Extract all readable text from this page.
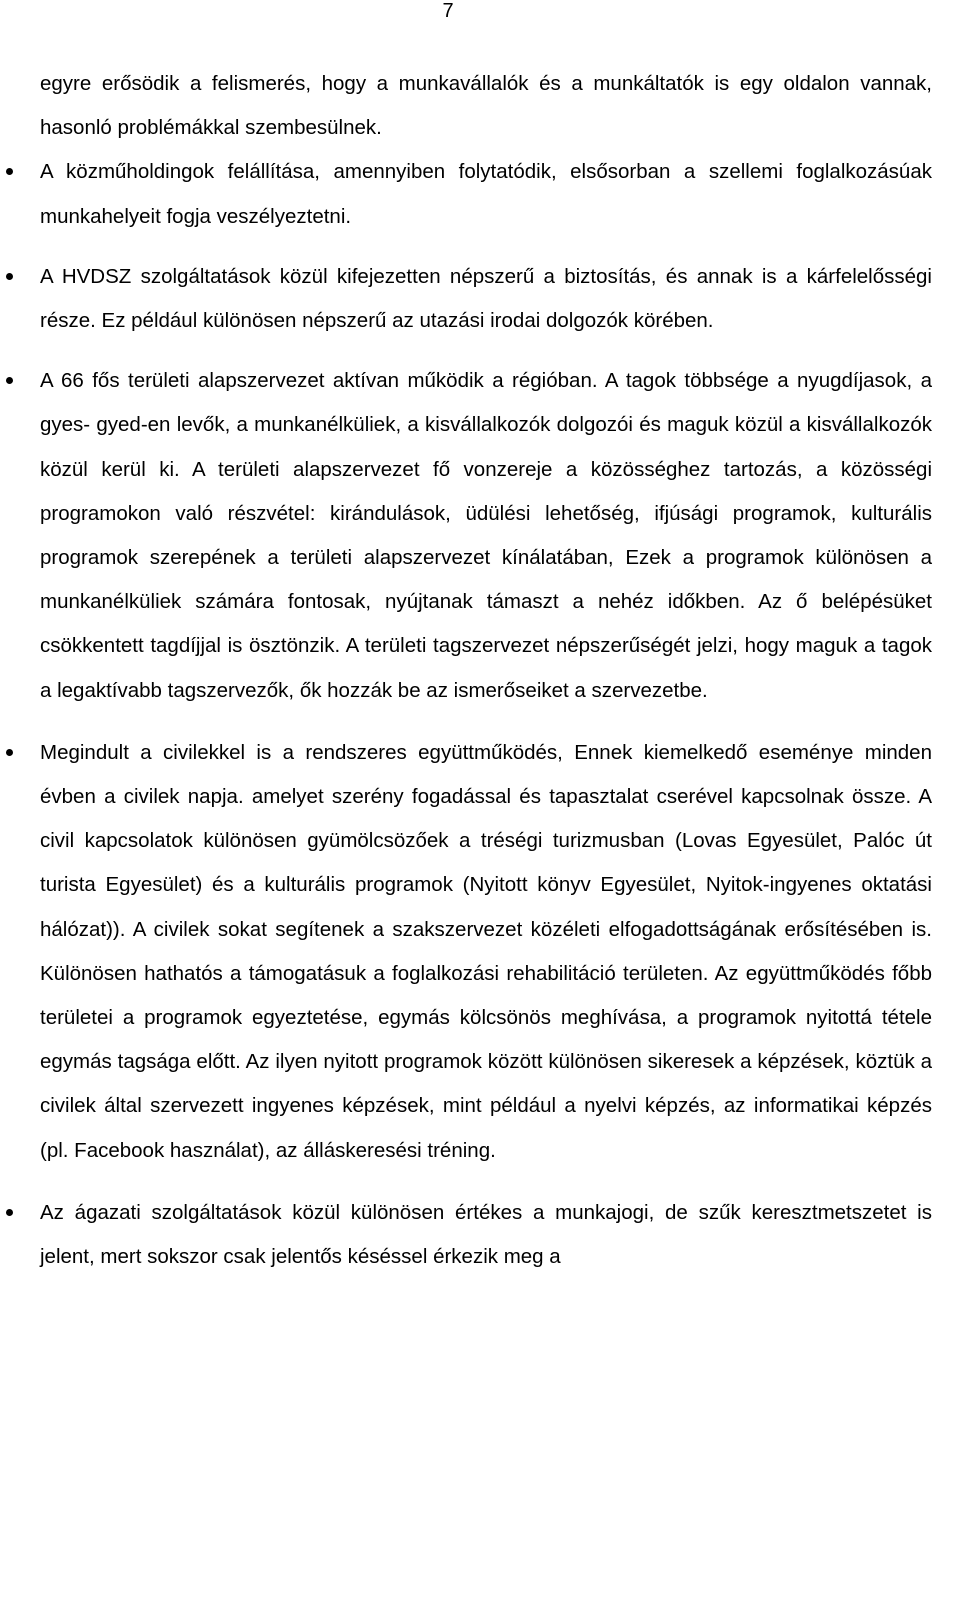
7

egyre erősödik a felismerés, hogy a munkavállalók és a munkáltatók is egy oldalon vannak, hasonló problémákkal szembesülnek.

A közműholdingok felállítása, amennyiben folytatódik, elsősorban a szellemi foglalkozásúak munkahelyeit fogja veszélyeztetni.
A HVDSZ szolgáltatások közül kifejezetten népszerű a biztosítás, és annak is a kárfelelősségi része. Ez például különösen népszerű az utazási irodai dolgozók körében.
A 66 fős területi alapszervezet aktívan működik a régióban. A tagok többsége a nyugdíjasok, a gyes- gyed-en levők, a munkanélküliek, a kisvállalkozók dolgozói és maguk közül a kisvállalkozók közül kerül ki. A területi alapszervezet fő vonzereje a közösséghez tartozás, a közösségi programokon való részvétel: kirándulások, üdülési lehetőség, ifjúsági programok, kulturális programok szerepének a területi alapszervezet kínálatában, Ezek a programok különösen a munkanélküliek számára fontosak, nyújtanak támaszt a nehéz időkben. Az ő belépésüket csökkentett tagdíjjal is ösztönzik. A területi tagszervezet népszerűségét jelzi, hogy maguk a tagok a legaktívabb tagszervezők, ők hozzák be az ismerőseiket a szervezetbe.
Megindult a civilekkel is a rendszeres együttműködés, Ennek kiemelkedő eseménye minden évben a civilek napja. amelyet szerény fogadással és tapasztalat cserével kapcsolnak össze. A civil kapcsolatok különösen gyümölcsözőek a tréségi turizmusban (Lovas Egyesület, Palóc út turista Egyesület) és a kulturális programok (Nyitott könyv Egyesület, Nyitok-ingyenes oktatási hálózat)). A civilek sokat segítenek a szakszervezet közéleti elfogadottságának erősítésében is. Különösen hathatós a támogatásuk a foglalkozási rehabilitáció területen. Az együttműködés főbb területei a programok egyeztetése, egymás kölcsönös meghívása, a programok nyitottá tétele egymás tagsága előtt. Az ilyen nyitott programok között különösen sikeresek a képzések, köztük a civilek által szervezett ingyenes képzések, mint például a nyelvi képzés, az informatikai képzés (pl. Facebook használat), az álláskeresési tréning.
Az ágazati szolgáltatások közül különösen értékes a munkajogi, de szűk keresztmetszetet is jelent, mert sokszor csak jelentős késéssel érkezik meg a
